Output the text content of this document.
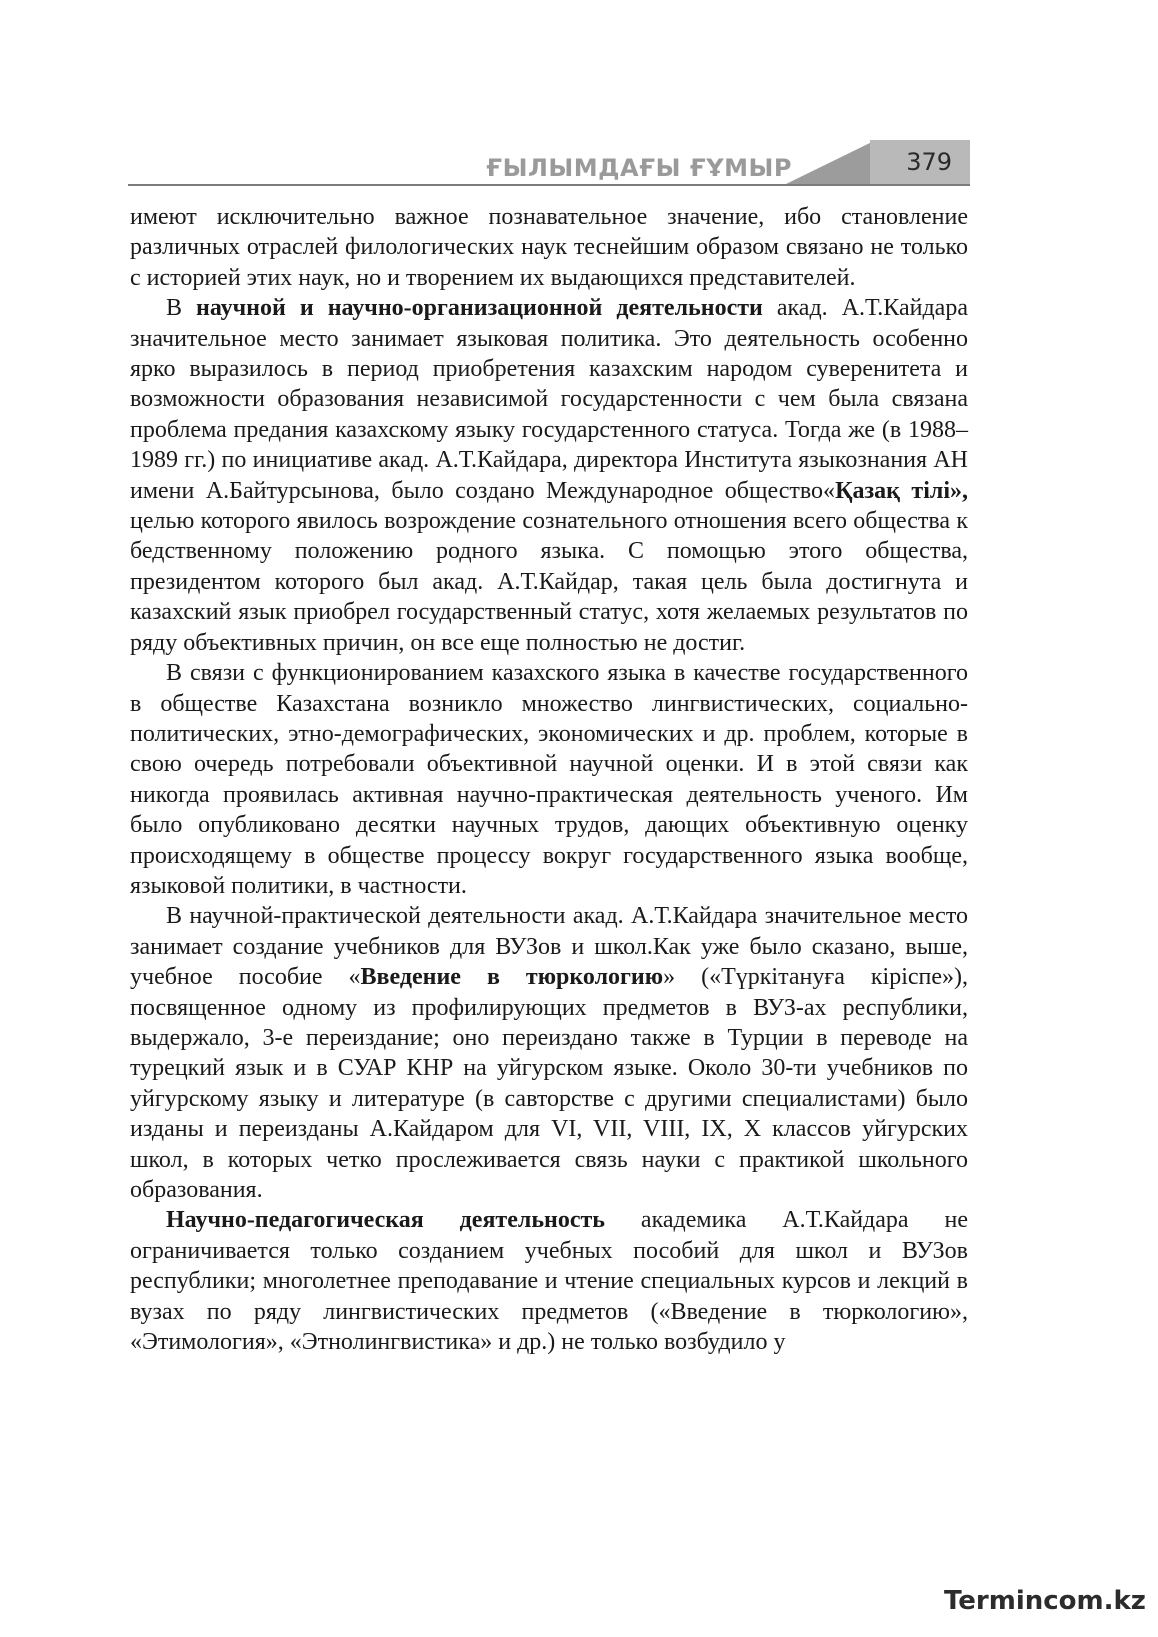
ҒЫЛЫМДАҒЫ ҒҰМЫР	379

имеют исключительно важное познавательное значение, ибо становление различных отраслей филологических наук теснейшим образом связано не только с историей этих наук, но и творением их выдающихся представителей.

В научной и научно-организационной деятельности акад. А.Т.Кайдара значительное место занимает языковая политика. Это деятельность особенно ярко выразилось в период приобретения казахским народом суверенитета и возможности образования независимой государстенности с чем была связана проблема предания казахскому языку государстенного статуса. Тогда же (в 1988–1989 гг.) по инициативе акад. А.Т.Кайдара, директора Института языкознания АН имени А.Байтурсынова, было создано Международное общество«Қазақ тілі», целью которого явилось возрождение сознательного отношения всего общества к бедственному положению родного языка. С помощью этого общества, президентом которого был акад. А.Т.Кайдар, такая цель была достигнута и казахский язык приобрел государственный статус, хотя желаемых результатов по ряду объективных причин, он все еще полностью не достиг.

В связи с функционированием казахского языка в качестве государственного в обществе Казахстана возникло множество лингвистических, социально-политических, этно-демографических, экономических и др. проблем, которые в свою очередь потребовали объективной научной оценки. И в этой связи как никогда проявилась активная научно-практическая деятельность ученого. Им было опубликовано десятки научных трудов, дающих объективную оценку происходящему в обществе процессу вокруг государственного языка вообще, языковой политики, в частности.

В научной-практической деятельности акад. А.Т.Кайдара значительное место занимает создание учебников для ВУЗов и школ.Как уже было сказано, выше, учебное пособие «Введение в тюркологию» («Түркітануға кіріспе»), посвященное одному из профилирующих предметов в ВУЗ-ах республики, выдержало, 3-е переиздание; оно переиздано также в Турции в переводе на турецкий язык и в СУАР КНР на уйгурском языке. Около 30-ти учебников по уйгурскому языку и литературе (в савторстве с другими специалистами) было изданы и переизданы А.Кайдаром для VI, VII, VIII, IX, X классов уйгурских школ, в которых четко прослеживается связь науки с практикой школьного образования.

Научно-педагогическая деятельность академика А.Т.Кайдара не ограничивается только созданием учебных пособий для школ и ВУЗов республики; многолетнее преподавание и чтение специальных курсов и лекций в вузах по ряду лингвистических предметов («Введение в тюркологию», «Этимология», «Этнолингвистика» и др.) не только возбудило у

Termincom.kz
